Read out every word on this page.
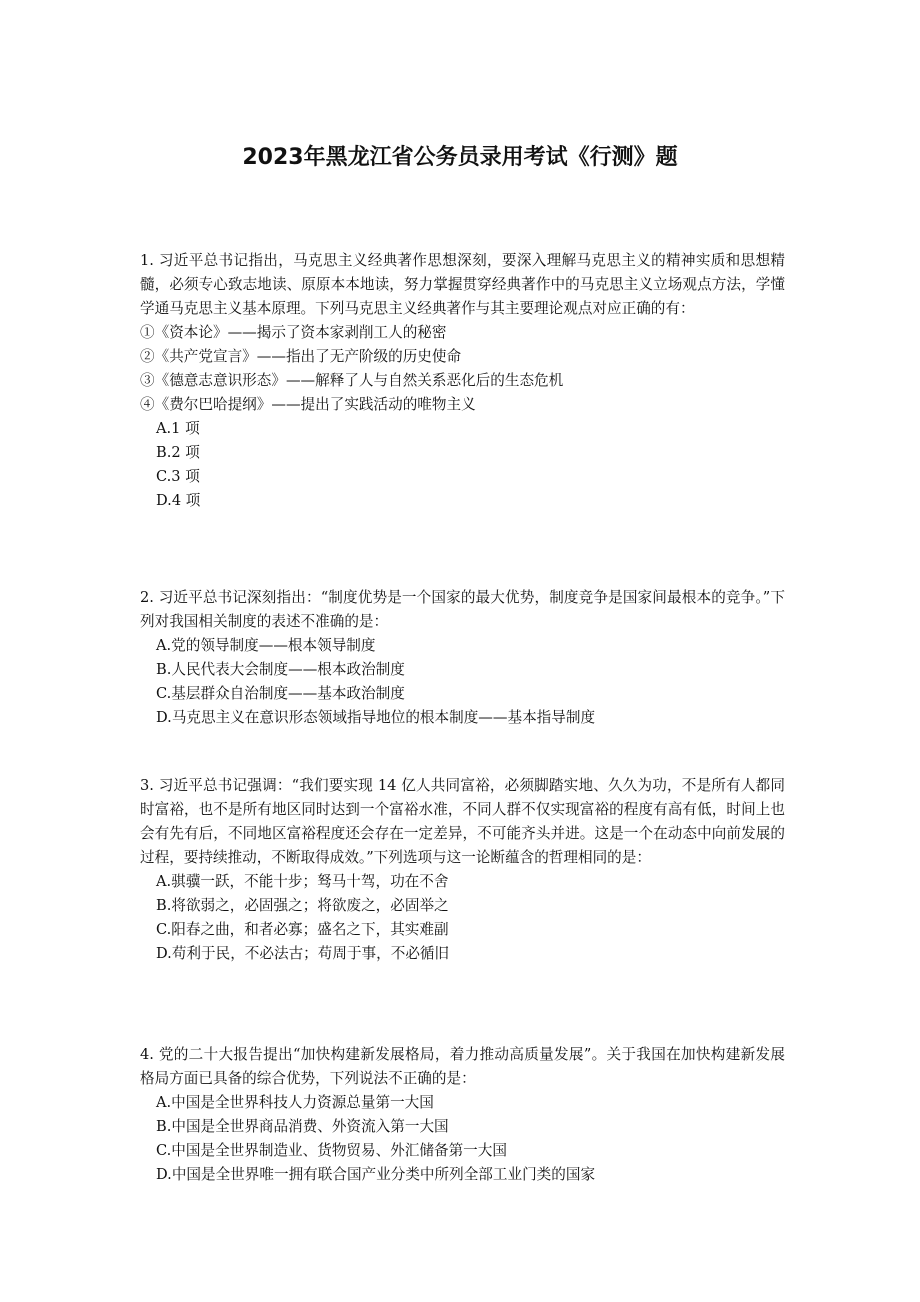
2023年黑龙江省公务员录用考试《行测》题

1. 习近平总书记指出，马克思主义经典著作思想深刻，要深入理解马克思主义的精神实质和思想精髓，必须专心致志地读、原原本本地读，努力掌握贯穿经典著作中的马克思主义立场观点方法，学懂学通马克思主义基本原理。下列马克思主义经典著作与其主要理论观点对应正确的有：

①《资本论》——揭示了资本家剥削工人的秘密

②《共产党宣言》——指出了无产阶级的历史使命

③《德意志意识形态》——解释了人与自然关系恶化后的生态危机

④《费尔巴哈提纲》——提出了实践活动的唯物主义

A.1 项

B.2 项

C.3 项

D.4 项

2. 习近平总书记深刻指出：“制度优势是一个国家的最大优势，制度竞争是国家间最根本的竞争。”下列对我国相关制度的表述不准确的是：

A.党的领导制度——根本领导制度

B.人民代表大会制度——根本政治制度

C.基层群众自治制度——基本政治制度

D.马克思主义在意识形态领域指导地位的根本制度——基本指导制度

3. 习近平总书记强调：“我们要实现 14 亿人共同富裕，必须脚踏实地、久久为功，不是所有人都同时富裕，也不是所有地区同时达到一个富裕水准，不同人群不仅实现富裕的程度有高有低，时间上也会有先有后，不同地区富裕程度还会存在一定差异，不可能齐头并进。这是一个在动态中向前发展的过程，要持续推动，不断取得成效。”下列选项与这一论断蕴含的哲理相同的是：

A.骐骥一跃，不能十步；驽马十驾，功在不舍

B.将欲弱之，必固强之；将欲废之，必固举之

C.阳春之曲，和者必寡；盛名之下，其实难副

D.苟利于民，不必法古；苟周于事，不必循旧

4. 党的二十大报告提出“加快构建新发展格局，着力推动高质量发展”。关于我国在加快构建新发展格局方面已具备的综合优势，下列说法不正确的是：

A.中国是全世界科技人力资源总量第一大国

B.中国是全世界商品消费、外资流入第一大国

C.中国是全世界制造业、货物贸易、外汇储备第一大国

D.中国是全世界唯一拥有联合国产业分类中所列全部工业门类的国家
